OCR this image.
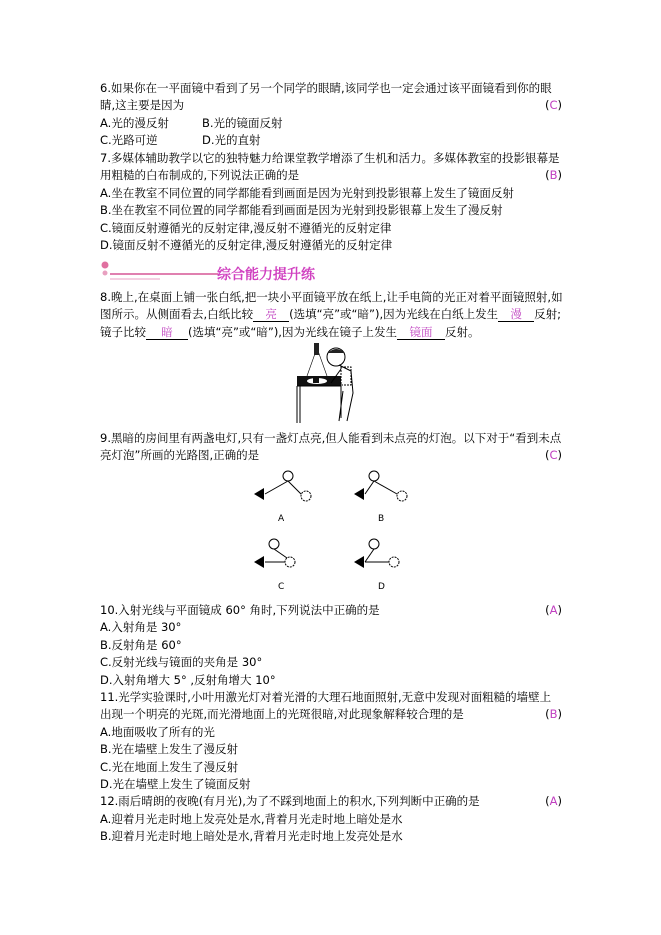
6.如果你在一平面镜中看到了另一个同学的眼睛,该同学也一定会通过该平面镜看到你的眼
睛,这主要是因为	(C)
A.光的漫反射	B.光的镜面反射
C.光路可逆	D.光的直射
7.多媒体辅助教学以它的独特魅力给课堂教学增添了生机和活力。多媒体教室的投影银幕是
用粗糙的白布制成的,下列说法正确的是	(B)
A.坐在教室不同位置的同学都能看到画面是因为光射到投影银幕上发生了镜面反射
B.坐在教室不同位置的同学都能看到画面是因为光射到投影银幕上发生了漫反射
C.镜面反射遵循光的反射定律,漫反射不遵循光的反射定律
D.镜面反射不遵循光的反射定律,漫反射遵循光的反射定律
综合能力提升练
8.晚上,在桌面上铺一张白纸,把一块小平面镜平放在纸上,让手电筒的光正对着平面镜照射,如
图所示。从侧面看去,白纸比较 亮 (选填“亮”或“暗”),因为光线在白纸上发生 漫 反射;
镜子比较 暗 (选填“亮”或“暗”),因为光线在镜子上发生 镜面 反射。
9.黑暗的房间里有两盏电灯,只有一盏灯点亮,但人能看到未点亮的灯泡。以下对于“看到未点
亮灯泡”所画的光路图,正确的是	(C)
A	B
C	D
10.入射光线与平面镜成 60° 角时,下列说法中正确的是	(A)
A.入射角是 30°
B.反射角是 60°
C.反射光线与镜面的夹角是 30°
D.入射角增大 5° ,反射角增大 10°
11.光学实验课时,小叶用激光灯对着光滑的大理石地面照射,无意中发现对面粗糙的墙壁上
出现一个明亮的光斑,而光滑地面上的光斑很暗,对此现象解释较合理的是	(B)
A.地面吸收了所有的光
B.光在墙壁上发生了漫反射
C.光在地面上发生了漫反射
D.光在墙壁上发生了镜面反射
12.雨后晴朗的夜晚(有月光),为了不踩到地面上的积水,下列判断中正确的是	(A)
A.迎着月光走时地上发亮处是水,背着月光走时地上暗处是水
B.迎着月光走时地上暗处是水,背着月光走时地上发亮处是水
